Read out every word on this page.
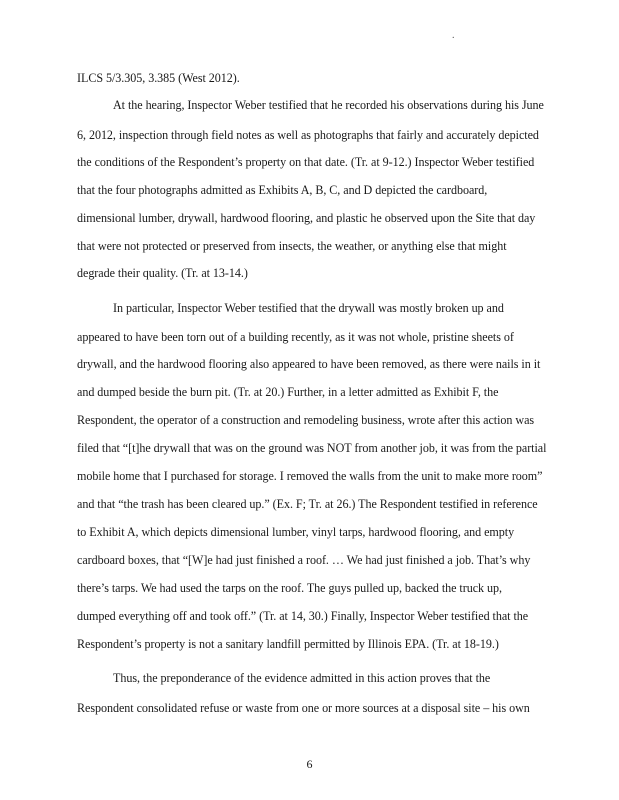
.
ILCS 5/3.305, 3.385 (West 2012).
At the hearing, Inspector Weber testified that he recorded his observations during his June
6, 2012, inspection through field notes as well as photographs that fairly and accurately depicted
the conditions of the Respondent’s property on that date. (Tr. at 9-12.) Inspector Weber testified
that the four photographs admitted as Exhibits A, B, C, and D depicted the cardboard,
dimensional lumber, drywall, hardwood flooring, and plastic he observed upon the Site that day
that were not protected or preserved from insects, the weather, or anything else that might
degrade their quality. (Tr. at 13-14.)
In particular, Inspector Weber testified that the drywall was mostly broken up and
appeared to have been torn out of a building recently, as it was not whole, pristine sheets of
drywall, and the hardwood flooring also appeared to have been removed, as there were nails in it
and dumped beside the burn pit. (Tr. at 20.) Further, in a letter admitted as Exhibit F, the
Respondent, the operator of a construction and remodeling business, wrote after this action was
filed that “[t]he drywall that was on the ground was NOT from another job, it was from the partial
mobile home that I purchased for storage. I removed the walls from the unit to make more room”
and that “the trash has been cleared up.” (Ex. F; Tr. at 26.) The Respondent testified in reference
to Exhibit A, which depicts dimensional lumber, vinyl tarps, hardwood flooring, and empty
cardboard boxes, that “[W]e had just finished a roof. … We had just finished a job. That’s why
there’s tarps. We had used the tarps on the roof. The guys pulled up, backed the truck up,
dumped everything off and took off.” (Tr. at 14, 30.) Finally, Inspector Weber testified that the
Respondent’s property is not a sanitary landfill permitted by Illinois EPA. (Tr. at 18-19.)
Thus, the preponderance of the evidence admitted in this action proves that the
Respondent consolidated refuse or waste from one or more sources at a disposal site – his own
6
